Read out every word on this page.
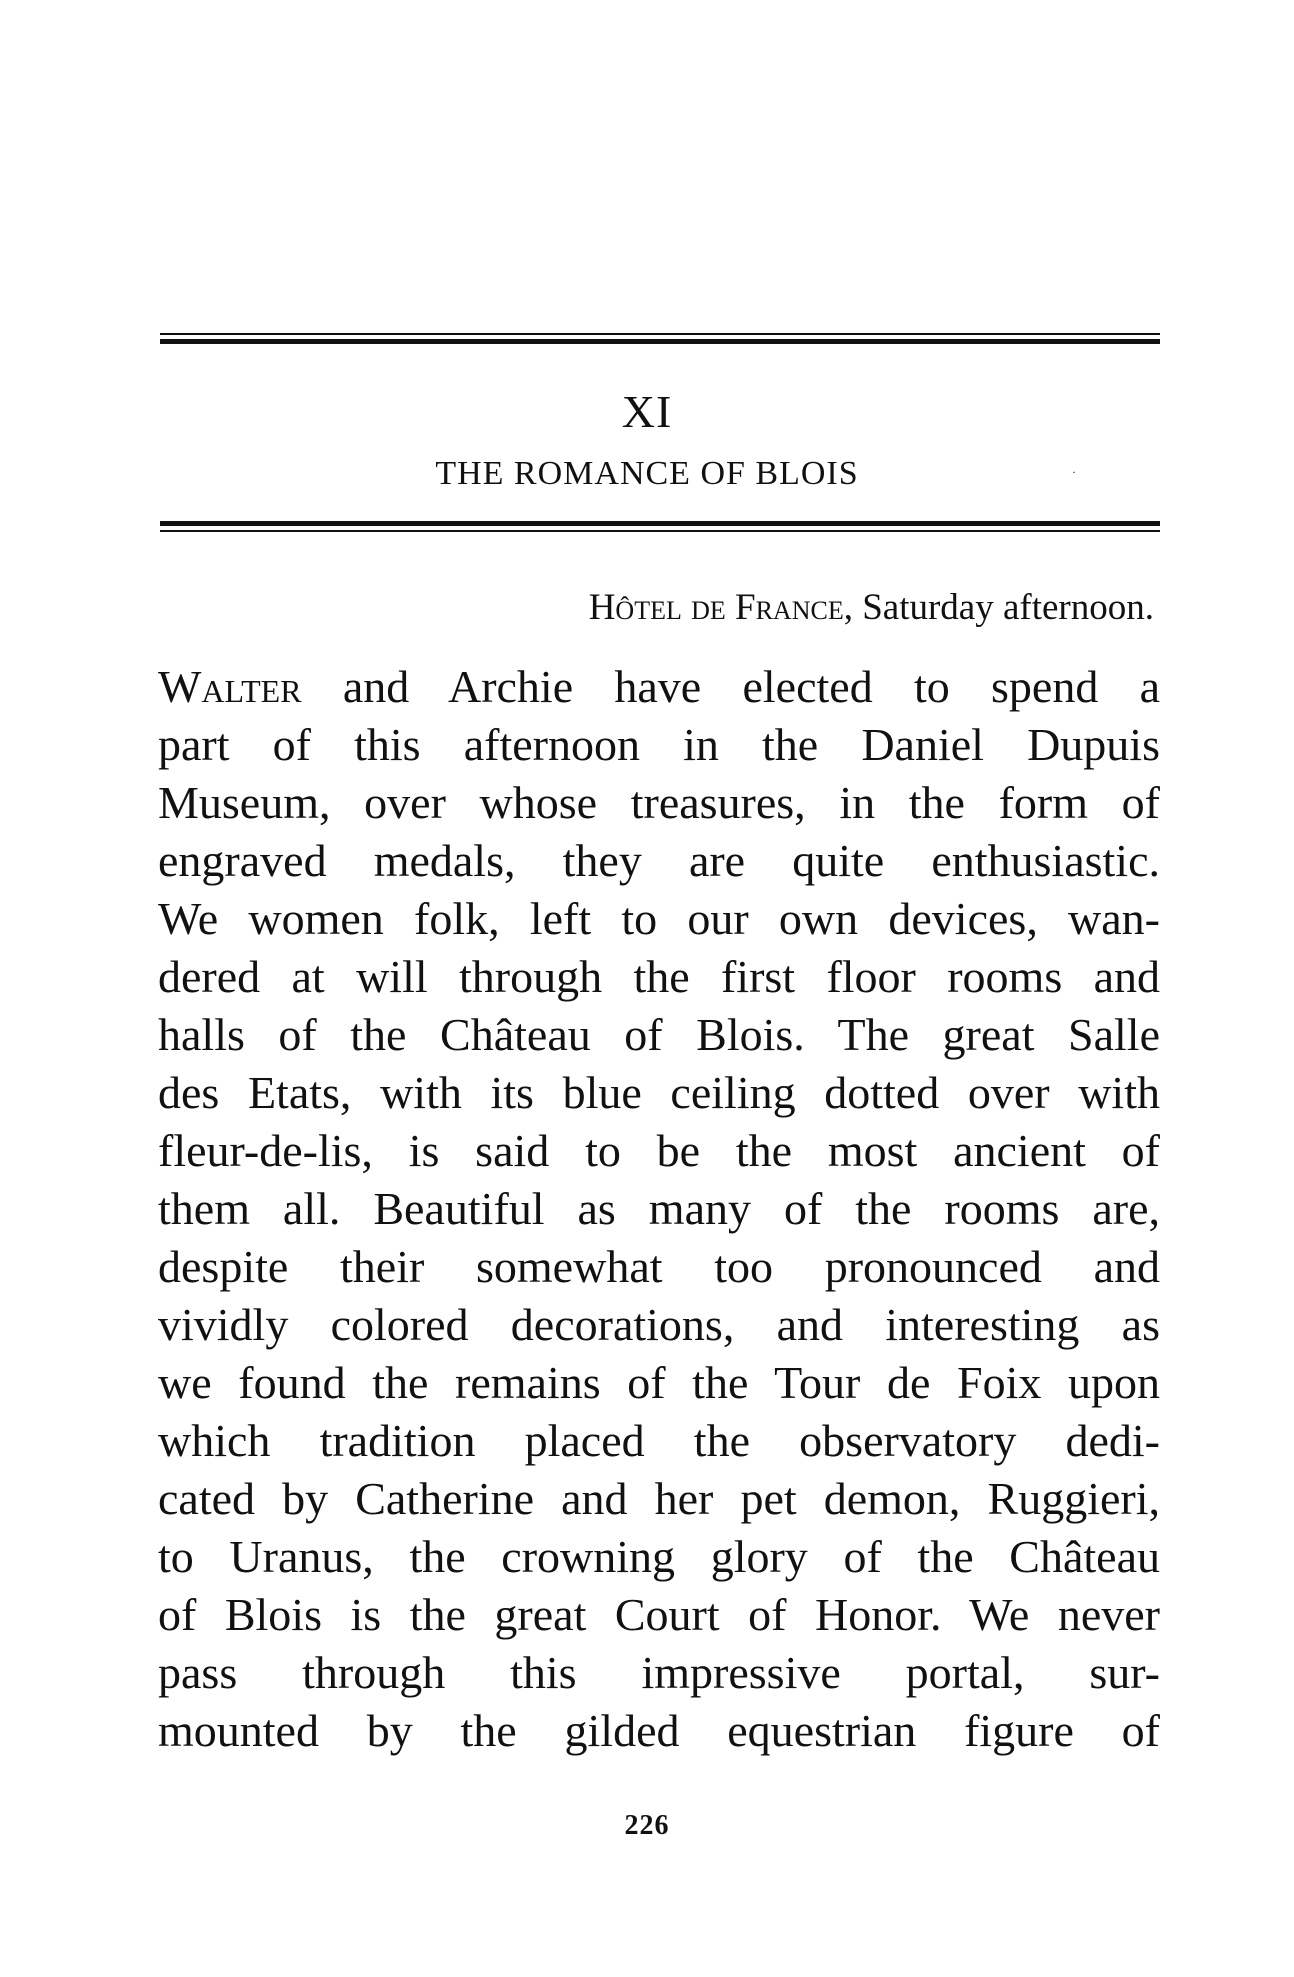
XI
THE ROMANCE OF BLOIS	·
Hôtel de France, Saturday afternoon.
Walter and Archie have elected to spend a
part of this afternoon in the Daniel Dupuis
Museum, over whose treasures, in the form of
engraved medals, they are quite enthusiastic.
We women folk, left to our own devices, wan-
dered at will through the first floor rooms and
halls of the Château of Blois. The great Salle
des Etats, with its blue ceiling dotted over with
fleur-de-lis, is said to be the most ancient of
them all. Beautiful as many of the rooms are,
despite their somewhat too pronounced and
vividly colored decorations, and interesting as
we found the remains of the Tour de Foix upon
which tradition placed the observatory dedi-
cated by Catherine and her pet demon, Ruggieri,
to Uranus, the crowning glory of the Château
of Blois is the great Court of Honor. We never
pass through this impressive portal, sur-
mounted by the gilded equestrian figure of
226
